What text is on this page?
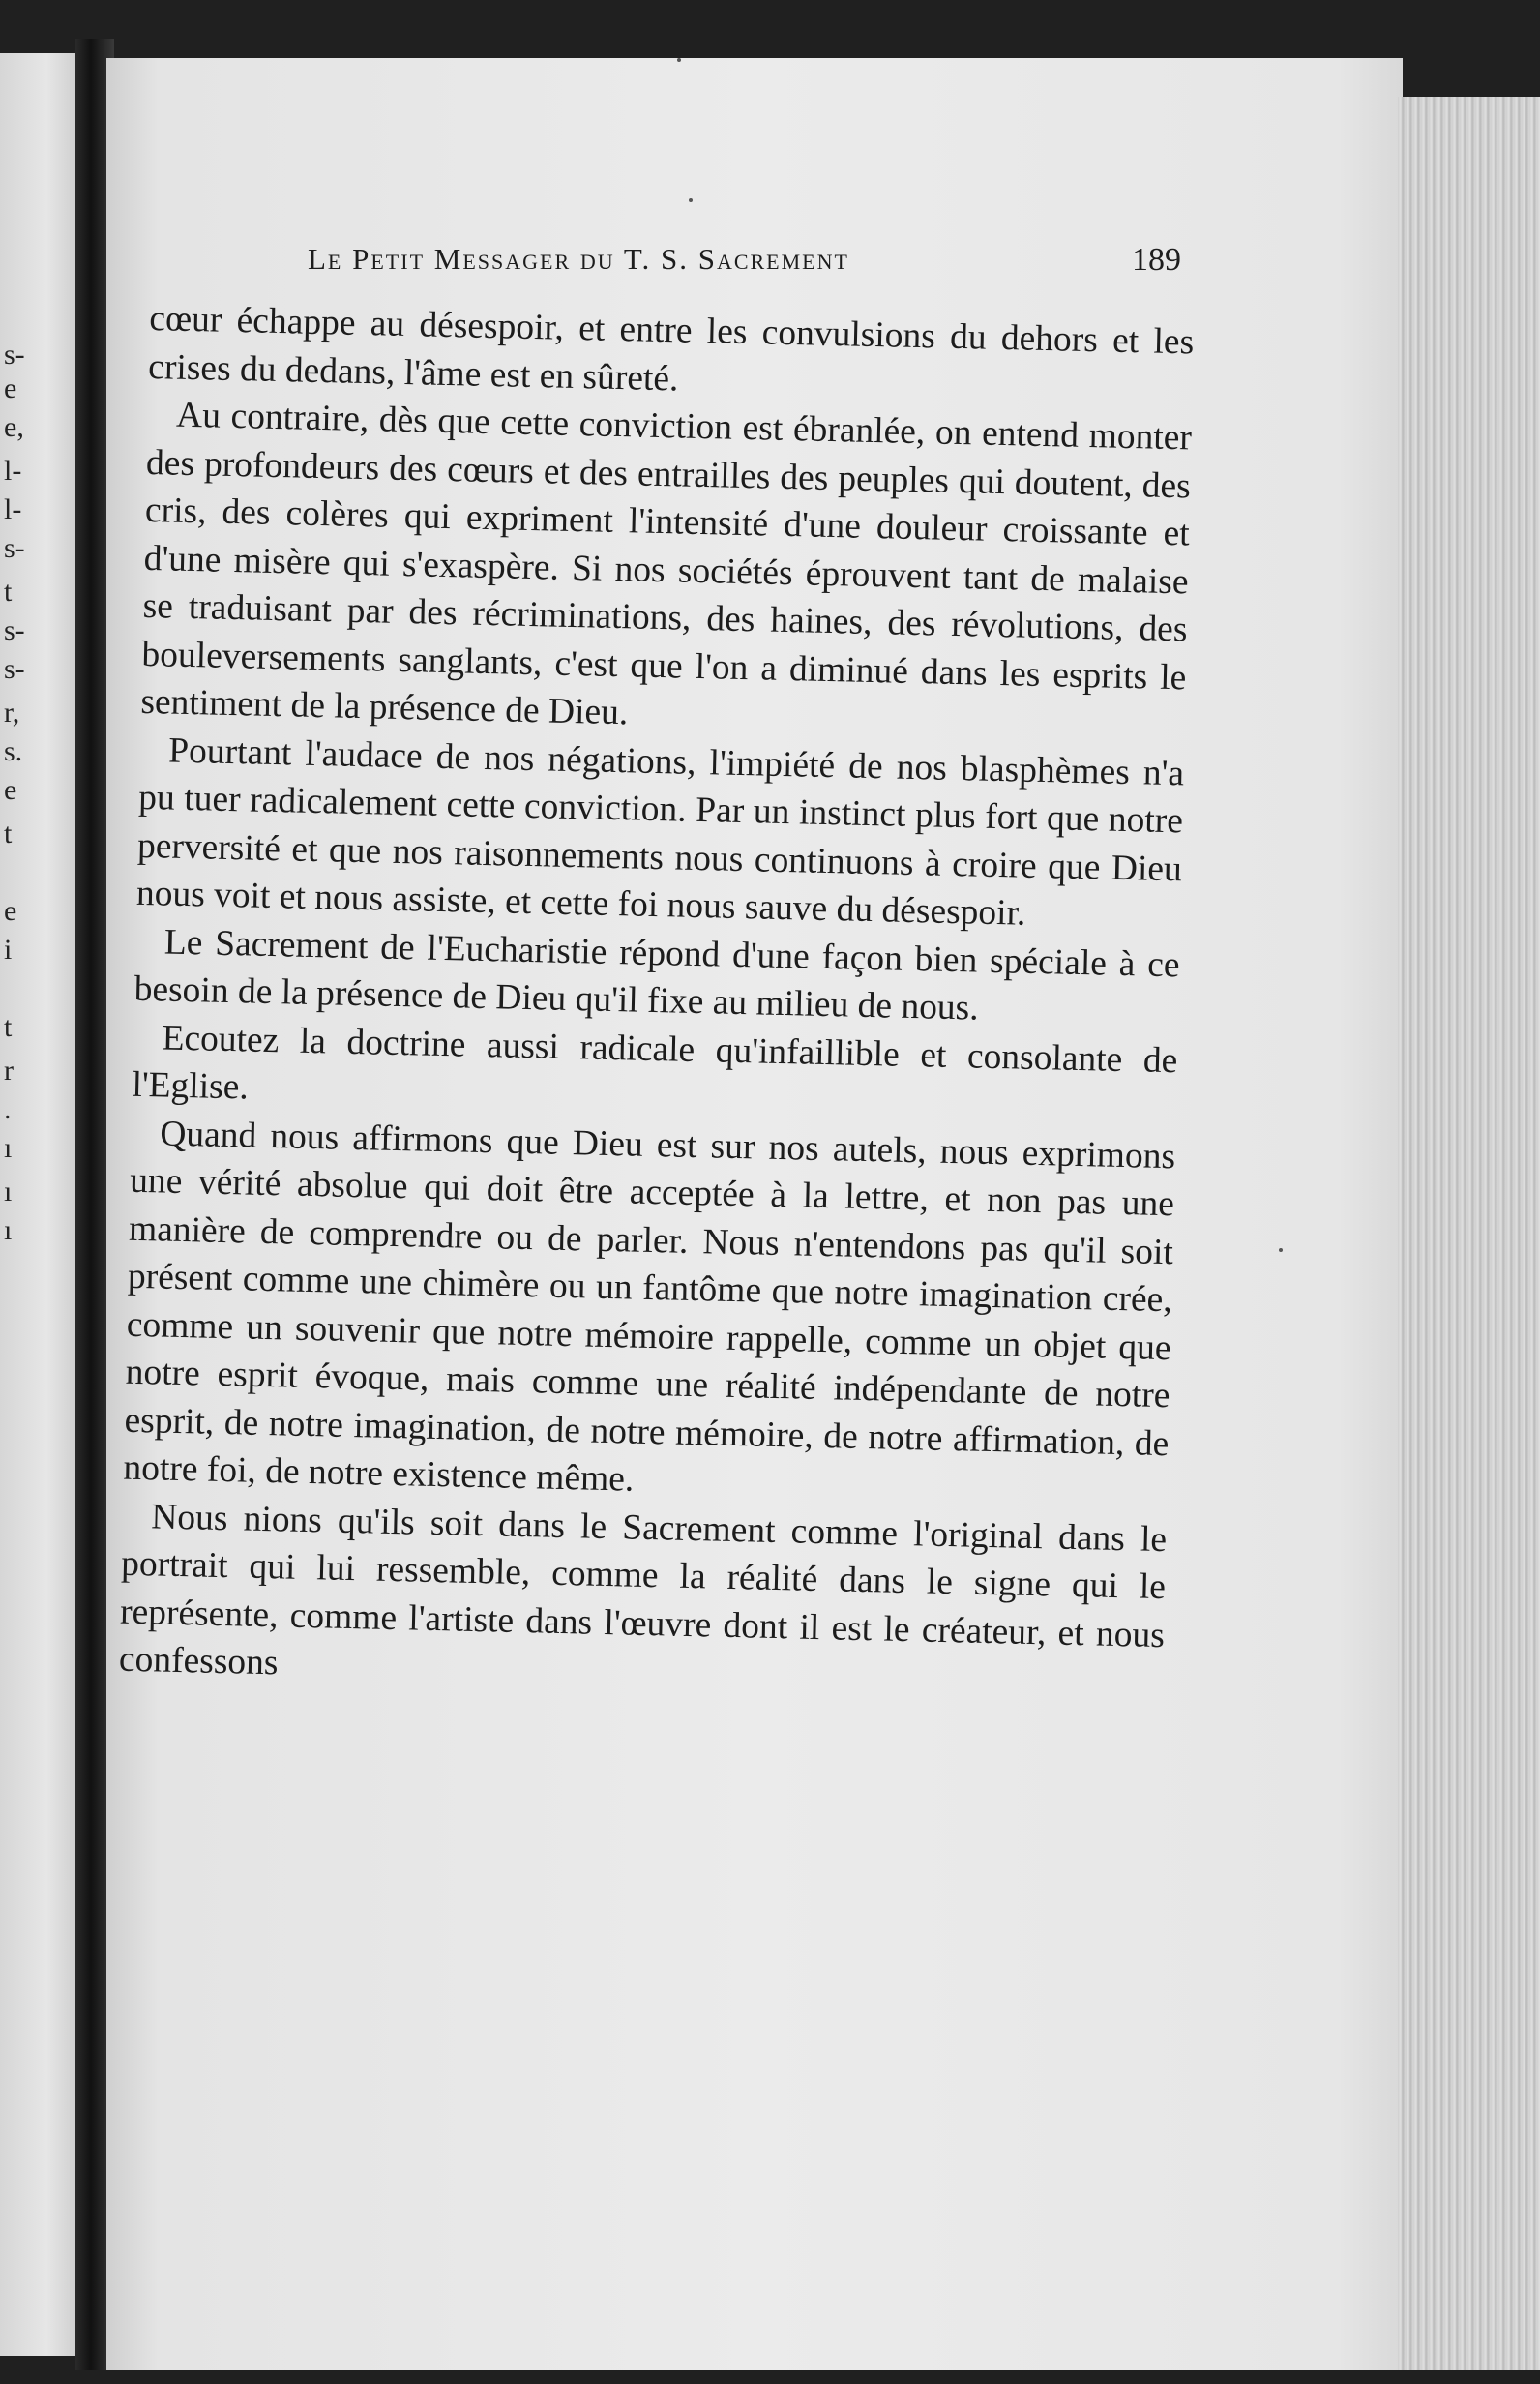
s-
e
e,
l-
l-
s-
t
s-
s-
r,
s.
e
t
e
i
t
r
.
ı
ı
ı
Le Petit Messager du T. S. Sacrement	189

cœur échappe au désespoir, et entre les convulsions du dehors et les crises du dedans, l'âme est en sûreté.

Au contraire, dès que cette conviction est ébranlée, on entend monter des profondeurs des cœurs et des entrailles des peuples qui doutent, des cris, des colères qui expriment l'intensité d'une douleur croissante et d'une misère qui s'exaspère. Si nos sociétés éprouvent tant de malaise se traduisant par des récriminations, des haines, des révolutions, des bouleversements sanglants, c'est que l'on a diminué dans les esprits le sentiment de la présence de Dieu.

Pourtant l'audace de nos négations, l'impiété de nos blasphèmes n'a pu tuer radicalement cette conviction. Par un instinct plus fort que notre perversité et que nos raisonnements nous continuons à croire que Dieu nous voit et nous assiste, et cette foi nous sauve du désespoir.

Le Sacrement de l'Eucharistie répond d'une façon bien spéciale à ce besoin de la présence de Dieu qu'il fixe au milieu de nous.

Ecoutez la doctrine aussi radicale qu'infaillible et consolante de l'Eglise.

Quand nous affirmons que Dieu est sur nos autels, nous exprimons une vérité absolue qui doit être acceptée à la lettre, et non pas une manière de comprendre ou de parler. Nous n'entendons pas qu'il soit présent comme une chimère ou un fantôme que notre imagination crée, comme un souvenir que notre mémoire rappelle, comme un objet que notre esprit évoque, mais comme une réalité indépendante de notre esprit, de notre imagination, de notre mémoire, de notre affirmation, de notre foi, de notre existence même.

Nous nions qu'ils soit dans le Sacrement comme l'original dans le portrait qui lui ressemble, comme la réalité dans le signe qui le représente, comme l'artiste dans l'œuvre dont il est le créateur, et nous confessons
